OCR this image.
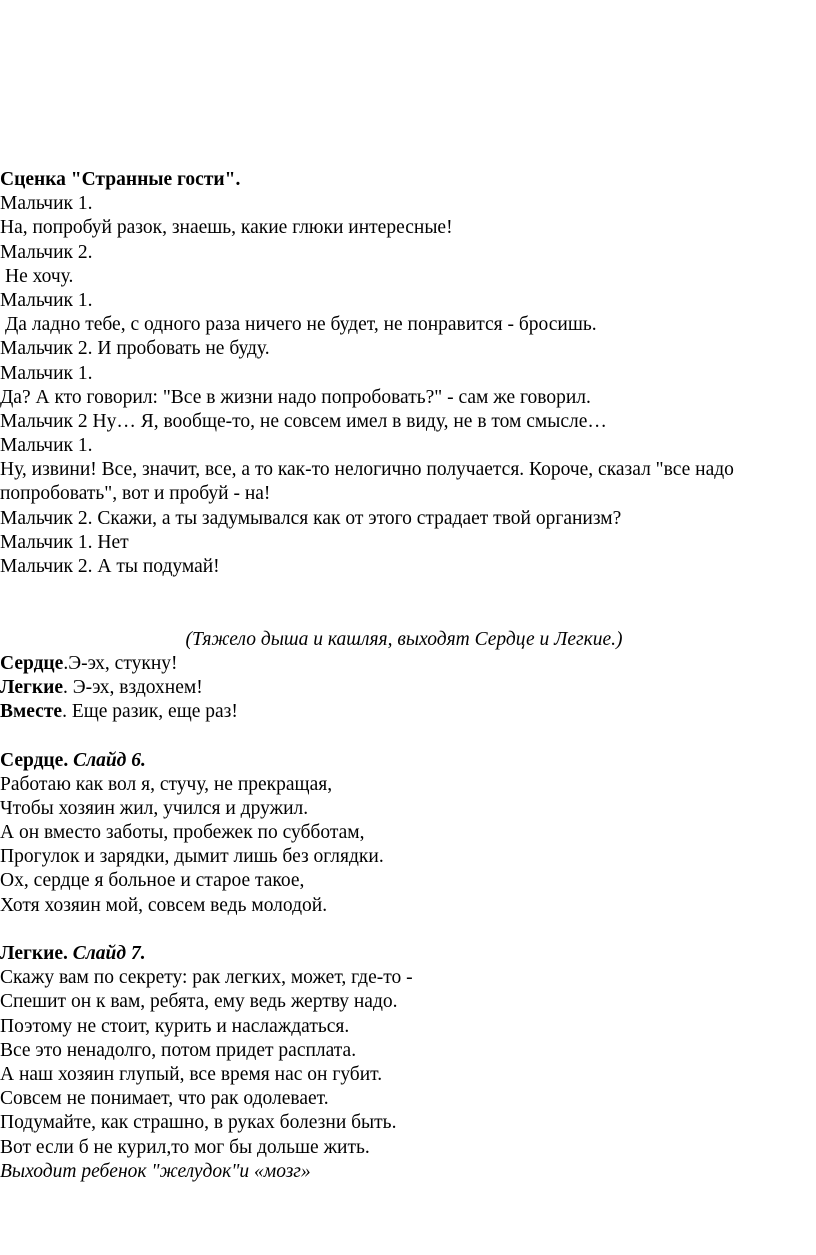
Сценка "Странные гости".
Мальчик 1.
На, попробуй разок, знаешь, какие глюки интересные!
Мальчик 2.
Не хочу.
Мальчик 1.
Да ладно тебе, с одного раза ничего не будет, не понравится - бросишь.
Мальчик 2. И пробовать не буду.
Мальчик 1.
Да? А кто говорил: "Все в жизни надо попробовать?" - сам же говорил.
Мальчик 2 Ну… Я, вообще-то, не совсем имел в виду, не в том смысле…
Мальчик 1.
Ну, извини! Все, значит, все, а то как-то нелогично получается. Короче, сказал "все надо попробовать", вот и пробуй - на!
Мальчик 2. Скажи, а ты задумывался как от этого страдает твой организм?
Мальчик 1. Нет
Мальчик 2. А ты подумай!
(Тяжело дыша и кашляя, выходят Сердце и Легкие.)
Сердце.Э-эх, стукну!
Легкие. Э-эх, вздохнем!
Вместе. Еще разик, еще раз!
Сердце. Слайд 6.
Работаю как вол я, стучу, не прекращая,
Чтобы хозяин жил, учился и дружил.
А он вместо заботы, пробежек по субботам,
Прогулок и зарядки, дымит лишь без оглядки.
Ох, сердце я больное и старое такое,
Хотя хозяин мой, совсем ведь молодой.
Легкие. Слайд 7.
Скажу вам по секрету: рак легких, может, где-то -
Спешит он к вам, ребята, ему ведь жертву надо.
Поэтому не стоит, курить и наслаждаться.
Все это ненадолго, потом придет расплата.
А наш хозяин глупый, все время нас он губит.
Совсем не понимает, что рак одолевает.
Подумайте, как страшно, в руках болезни быть.
Вот если б не курил,то мог бы дольше жить.
Выходит ребенок "желудок"и «мозг»
